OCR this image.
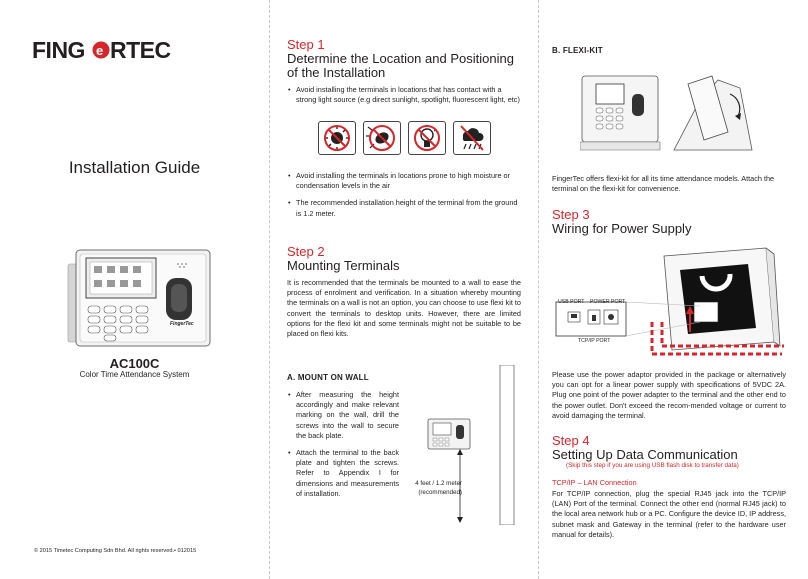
FING e RTEC
Installation Guide
FingerTec
AC100C
Color Time Attendance System
© 2015 Timetec Computing Sdn Bhd. All rights reserved.• 012015
Step 1
Determine the Location and Positioning of the Installation
• Avoid installing the terminals in locations that has contact with a strong light source (e.g direct sunlight, spotlight, fluorescent light, etc)
• Avoid installing the terminals in locations prone to high moisture or condensation levels in the air
• The recommended installation height of the terminal from the ground is 1.2 meter.
Step 2
Mounting Terminals
It is recommended that the terminals be mounted to a wall to ease the process of enrolment and verification. In a situation whereby mounting the terminals on a wall is not an option, you can choose to use flexi kit to convert the terminals to desktop units. However, there are limited options for the flexi kit and some terminals might not be suitable to be placed on flexi kits.
A. MOUNT ON WALL
• After measuring the height accordingly and make relevant marking on the wall, drill the screws into the wall to secure the back plate.
• Attach the terminal to the back plate and tighten the screws. Refer to Appendix I for dimensions and measurements of installation.
4 feet / 1.2 meter
(recommended)
B. FLEXI-KIT
FingerTec offers flexi-kit for all its time attendance models. Attach the terminal on the flexi-kit for convenience.
Step 3
Wiring for Power Supply
USB PORT POWER PORT
TCP/IP PORT
Please use the power adaptor provided in the package or alternatively you can opt for a linear power supply with specifications of 5VDC 2A. Plug one point of the power adapter to the terminal and the other end to the power outlet. Don't exceed the recom-mended voltage or current to avoid damaging the terminal.
Step 4
Setting Up Data Communication
(Skip this step if you are using USB flash disk to transfer data)
TCP/IP – LAN Connection
For TCP/IP connection, plug the special RJ45 jack into the TCP/IP (LAN) Port of the terminal. Connect the other end (normal RJ45 jack) to the local area network hub or a PC. Configure the device ID, IP address, subnet mask and Gateway in the terminal (refer to the hardware user manual for details).
